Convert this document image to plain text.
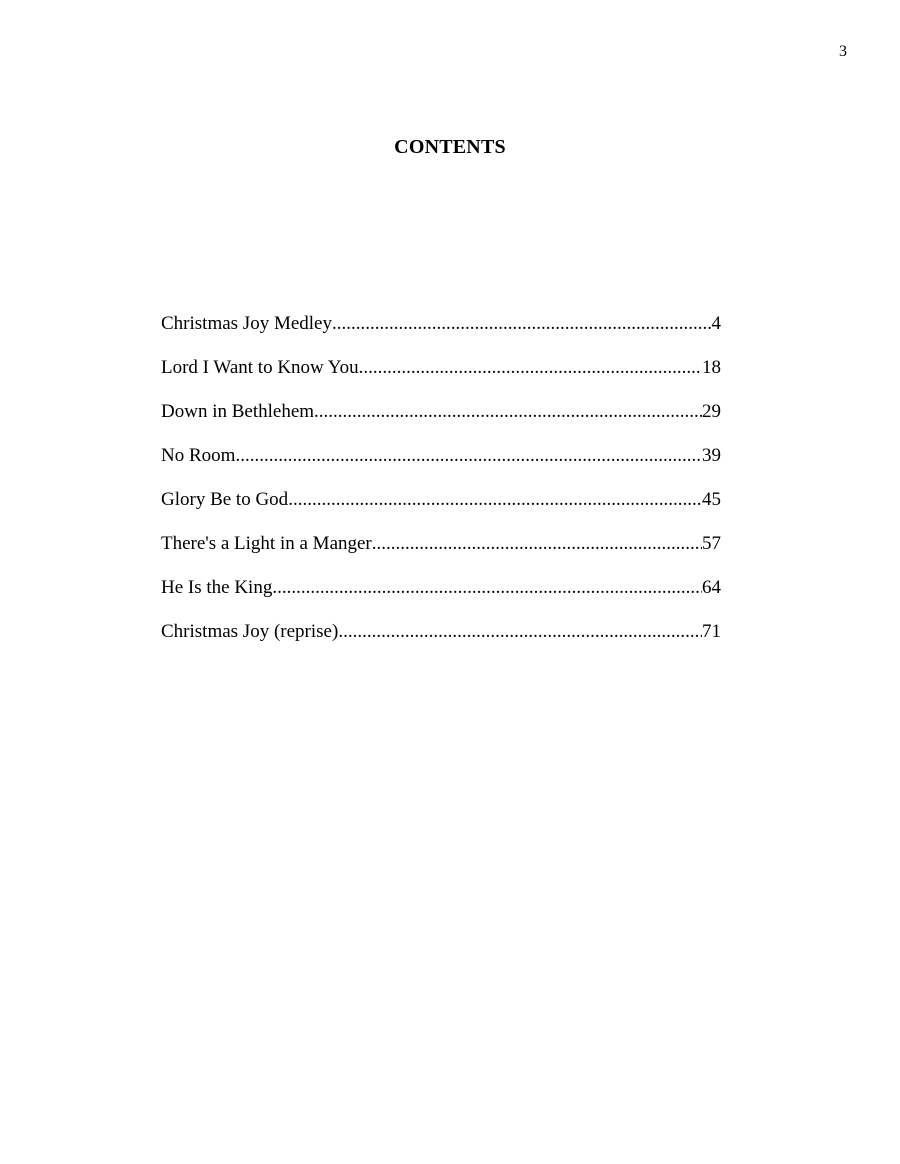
3
CONTENTS
Christmas Joy Medley .....	4
Lord I Want to Know You .....	18
Down in Bethlehem .....	29
No Room .....	39
Glory Be to God .....	45
There's a Light in a Manger .....	57
He Is the King .....	64
Christmas Joy (reprise) .....	71
